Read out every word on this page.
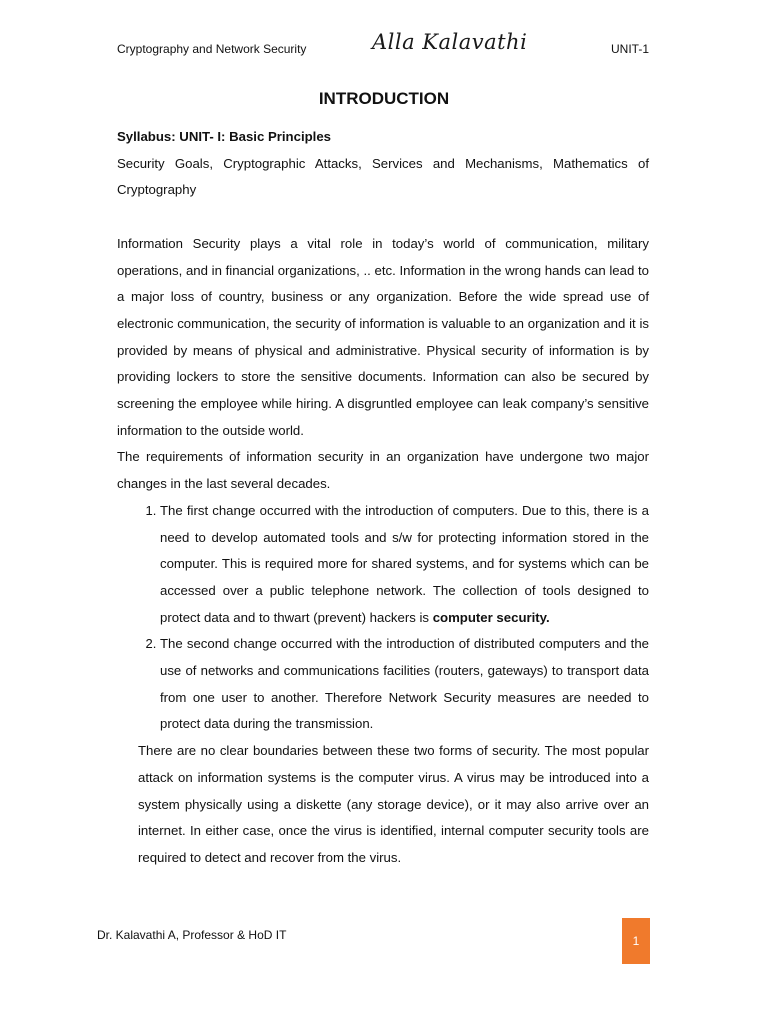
Cryptography and Network Security	Alla Kalavathi	UNIT-1
INTRODUCTION

Syllabus: UNIT- I: Basic Principles

Security Goals, Cryptographic Attacks, Services and Mechanisms, Mathematics of Cryptography

Information Security plays a vital role in today’s world of communication, military operations, and in financial organizations, .. etc. Information in the wrong hands can lead to a major loss of country, business or any organization. Before the wide spread use of electronic communication, the security of information is valuable to an organization and it is provided by means of physical and administrative. Physical security of information is by providing lockers to store the sensitive documents. Information can also be secured by screening the employee while hiring. A disgruntled employee can leak company’s sensitive information to the outside world.

The requirements of information security in an organization have undergone two major changes in the last several decades.

1. The first change occurred with the introduction of computers. Due to this, there is a need to develop automated tools and s/w for protecting information stored in the computer. This is required more for shared systems, and for systems which can be accessed over a public telephone network. The collection of tools designed to protect data and to thwart (prevent) hackers is computer security.
2. The second change occurred with the introduction of distributed computers and the use of networks and communications facilities (routers, gateways) to transport data from one user to another. Therefore Network Security measures are needed to protect data during the transmission.

There are no clear boundaries between these two forms of security. The most popular attack on information systems is the computer virus. A virus may be introduced into a system physically using a diskette (any storage device), or it may also arrive over an internet. In either case, once the virus is identified, internal computer security tools are required to detect and recover from the virus.

Dr. Kalavathi A, Professor & HoD IT	1
